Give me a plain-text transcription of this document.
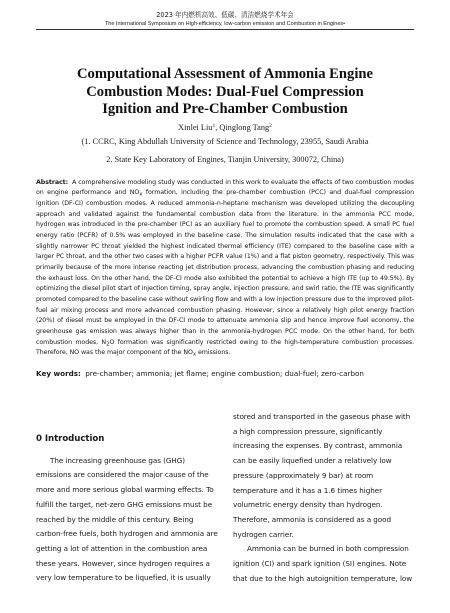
2023 年内燃机高效、低碳、清洁燃烧学术年会
The International Symposium on High-efficiency, low-carbon emission and Combustion in Engines•
Computational Assessment of Ammonia Engine Combustion Modes: Dual-Fuel Compression Ignition and Pre-Chamber Combustion
Xinlei Liu$^1$, Qinglong Tang$^2$
(1. CCRC, King Abdullah University of Science and Technology, 23955, Saudi Arabia
2. State Key Laboratory of Engines, Tianjin University, 300072, China)
Abstract: A comprehensive modeling study was conducted in this work to evaluate the effects of two combustion modes on engine performance and $NO_x$ formation, including the pre-chamber combustion (PCC) and dual-fuel compression ignition (DF-CI) combustion modes. A reduced ammonia-n-heptane mechanism was developed utilizing the decoupling approach and validated against the fundamental combustion data from the literature. In the ammonia PCC mode, hydrogen was introduced in the pre-chamber (PC) as an auxiliary fuel to promote the combustion speed. A small PC fuel energy ratio (PCFR) of 0.5% was employed in the baseline case. The simulation results indicated that the case with a slightly narrower PC throat yielded the highest indicated thermal efficiency (ITE) compared to the baseline case with a larger PC throat, and the other two cases with a higher PCFR value (1%) and a flat piston geometry, respectively. This was primarily because of the more intense reacting jet distribution process, advancing the combustion phasing and reducing the exhaust loss. On the other hand, the DF-CI mode also exhibited the potential to achieve a high ITE (up to 49.5%). By optimizing the diesel pilot start of injection timing, spray angle, injection pressure, and swirl ratio, the ITE was significantly promoted compared to the baseline case without swirling flow and with a low injection pressure due to the improved pilot-fuel air mixing process and more advanced combustion phasing. However, since a relatively high pilot energy fraction (20%) of diesel must be employed in the DF-CI mode to attenuate ammonia slip and hence improve fuel economy, the greenhouse gas emission was always higher than in the ammonia-hydrogen PCC mode. On the other hand, for both combustion modes, $N_2O$ formation was significantly restricted owing to the high-temperature combustion processes. Therefore, NO was the major component of the $NO_x$ emissions.
Key words: pre-chamber; ammonia; jet flame; engine combustion; dual-fuel; zero-carbon
0 Introduction

The increasing greenhouse gas (GHG) emissions are considered the major cause of the more and more serious global warming effects. To fulfill the target, net-zero GHG emissions must be reached by the middle of this century. Being carbon-free fuels, both hydrogen and ammonia are getting a lot of attention in the combustion area these years. However, since hydrogen requires a very low temperature to be liquefied, it is usually

stored and transported in the gaseous phase with a high compression pressure, significantly increasing the expenses. By contrast, ammonia can be easily liquefied under a relatively low pressure (approximately 9 bar) at room temperature and it has a 1.6 times higher volumetric energy density than hydrogen. Therefore, ammonia is considered as a good hydrogen carrier.

Ammonia can be burned in both compression ignition (CI) and spark ignition (SI) engines. Note that due to the high autoignition temperature, low
